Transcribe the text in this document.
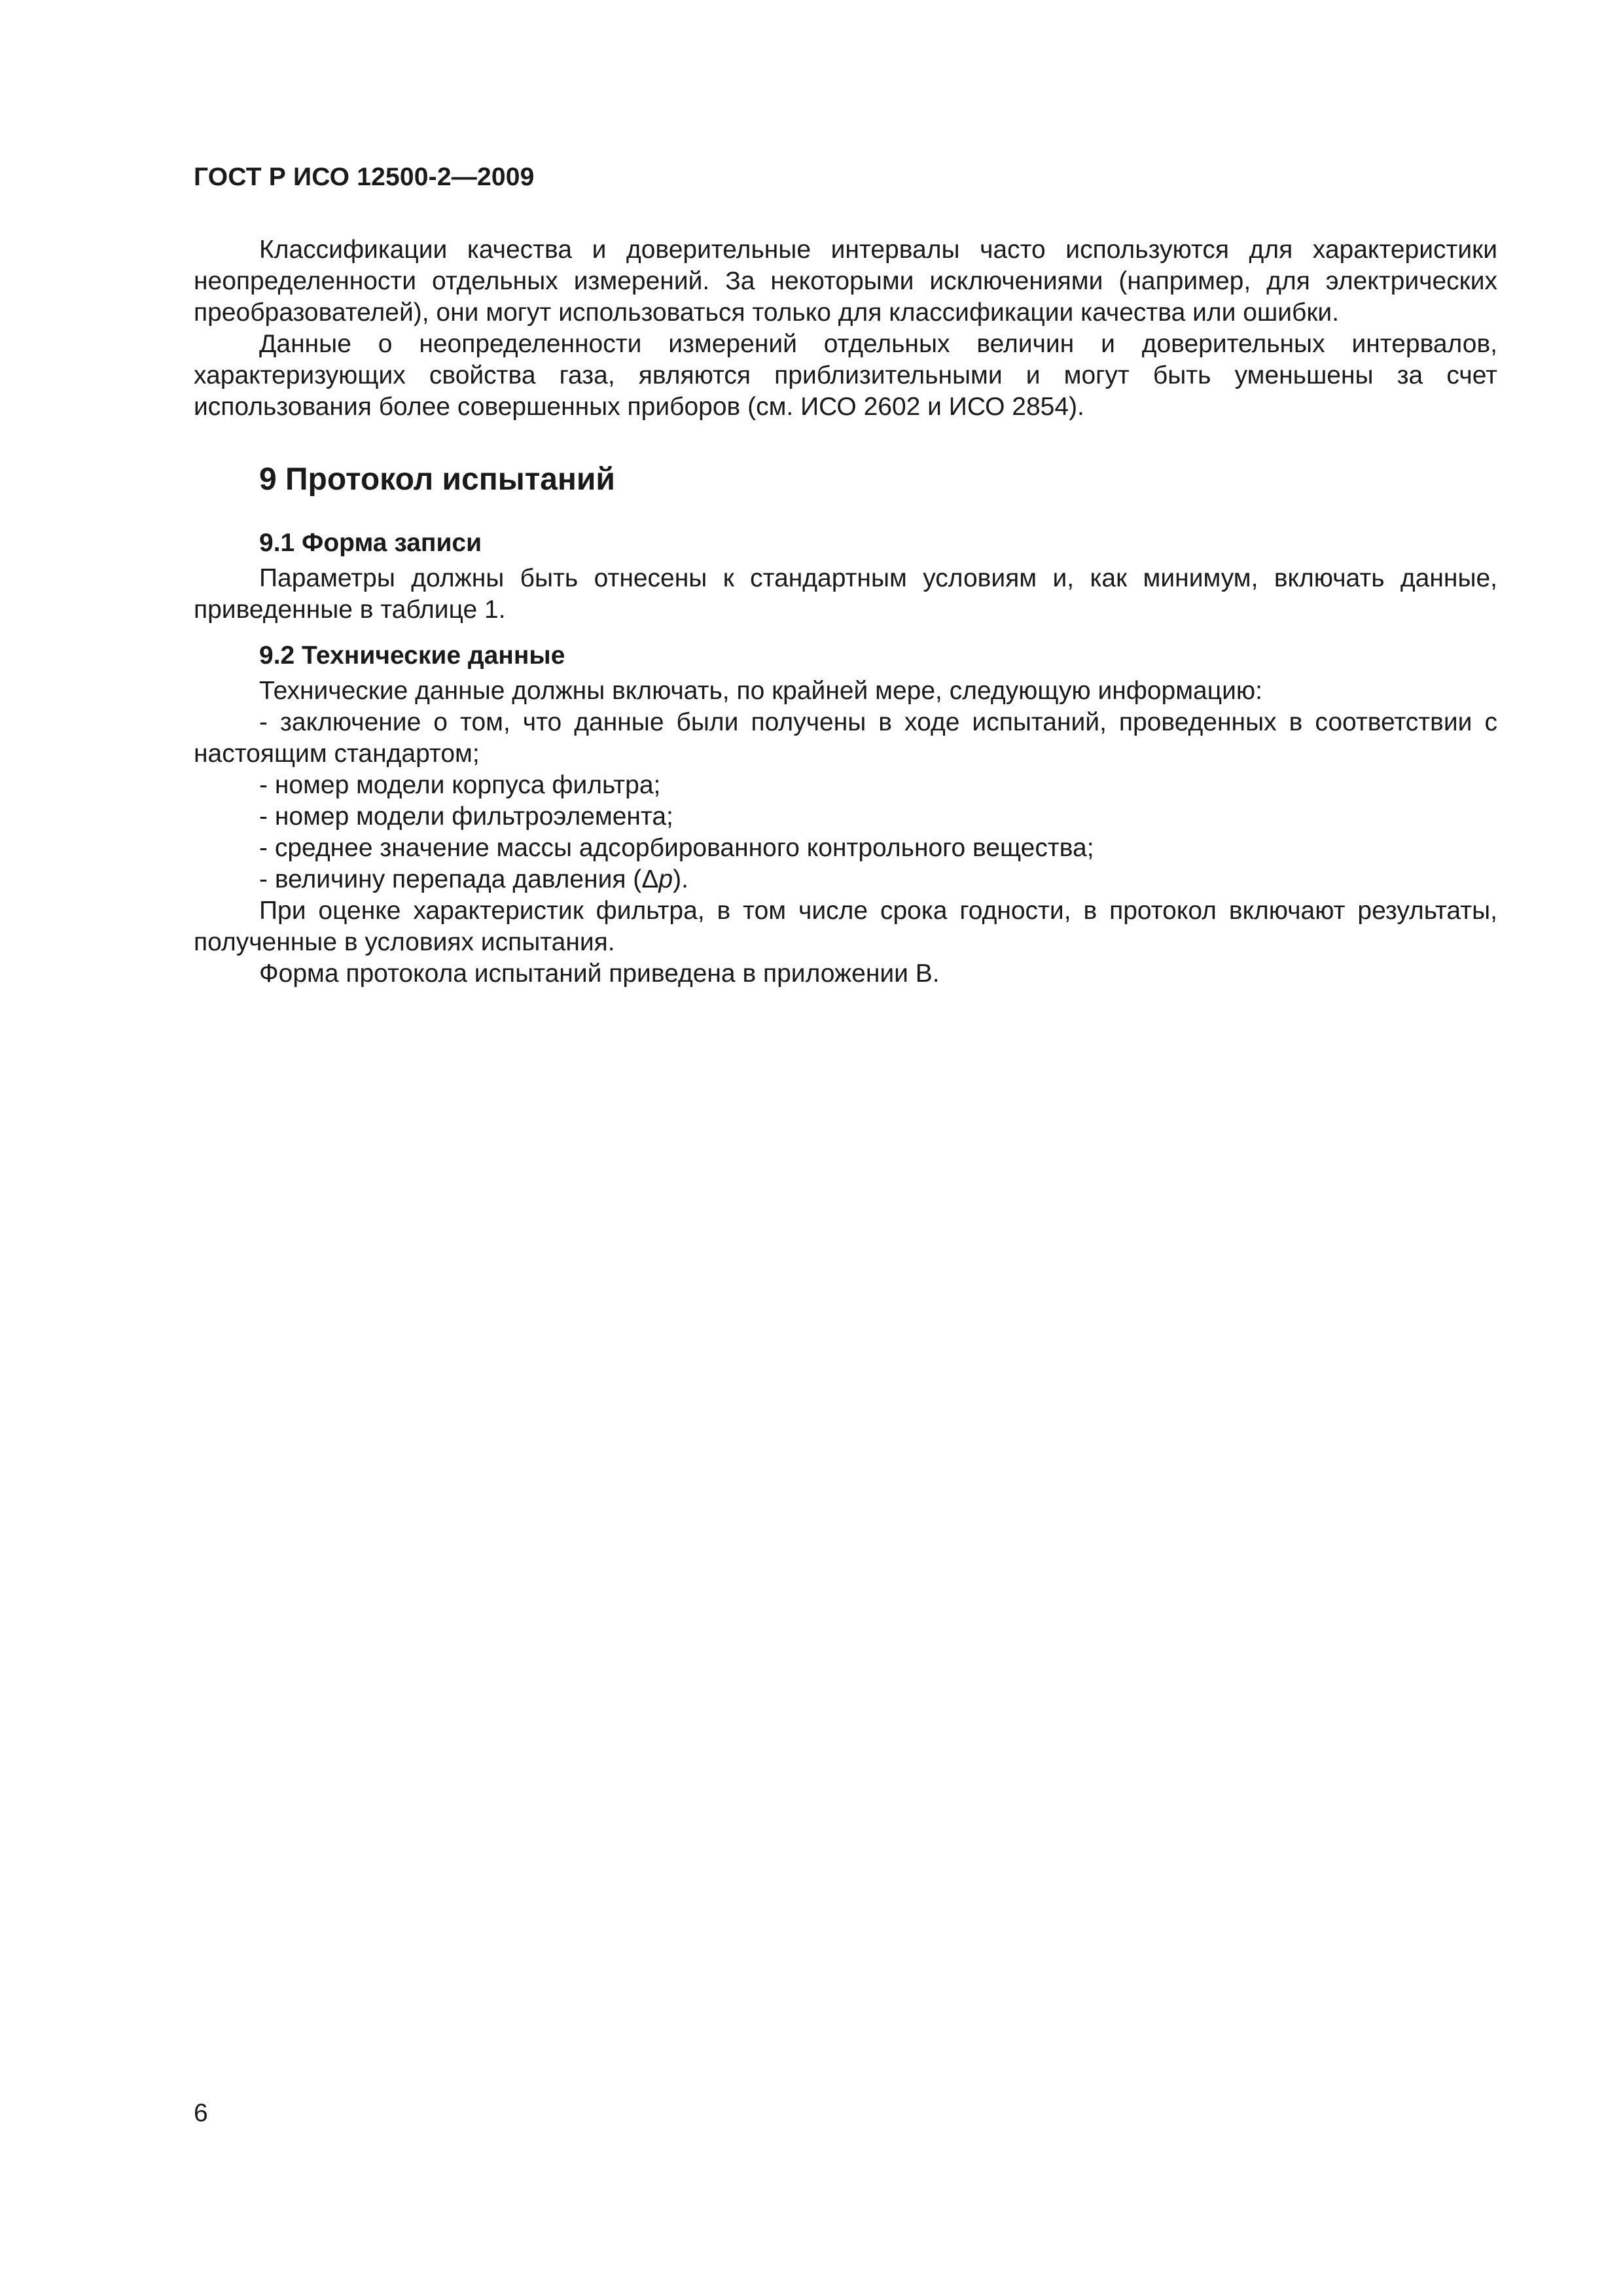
ГОСТ Р ИСО 12500-2—2009

Классификации качества и доверительные интервалы часто используются для характеристики неопределенности отдельных измерений. За некоторыми исключениями (например, для электрических преобразователей), они могут использоваться только для классификации качества или ошибки.

Данные о неопределенности измерений отдельных величин и доверительных интервалов, характеризующих свойства газа, являются приблизительными и могут быть уменьшены за счет использования более совершенных приборов (см. ИСО 2602 и ИСО 2854).

9 Протокол испытаний
9.1 Форма записи

Параметры должны быть отнесены к стандартным условиям и, как минимум, включать данные, приведенные в таблице 1.

9.2 Технические данные

Технические данные должны включать, по крайней мере, следующую информацию:

- заключение о том, что данные были получены в ходе испытаний, проведенных в соответствии с настоящим стандартом;
- номер модели корпуса фильтра;
- номер модели фильтроэлемента;
- среднее значение массы адсорбированного контрольного вещества;
- величину перепада давления (Δp).

При оценке характеристик фильтра, в том числе срока годности, в протокол включают результаты, полученные в условиях испытания.

Форма протокола испытаний приведена в приложении В.

6
